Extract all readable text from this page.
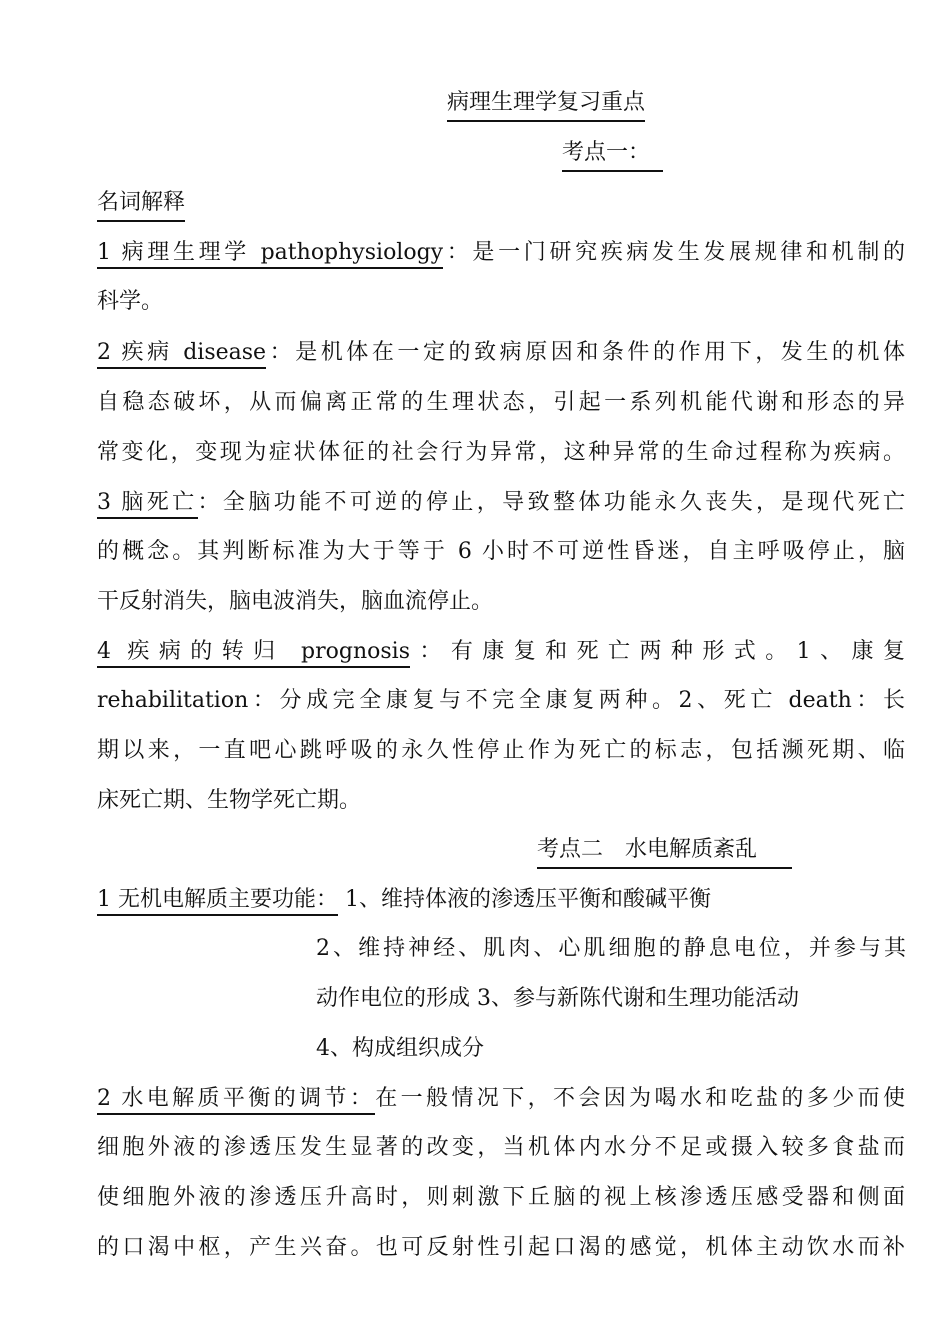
病理生理学复习重点
考点一：
名词解释
1 病理生理学 pathophysiology：是一门研究疾病发生发展规律和机制的
科学。
2 疾病 disease：是机体在一定的致病原因和条件的作用下，发生的机体
自稳态破坏，从而偏离正常的生理状态，引起一系列机能代谢和形态的异
常变化，变现为症状体征的社会行为异常，这种异常的生命过程称为疾病。
3 脑死亡：全脑功能不可逆的停止，导致整体功能永久丧失，是现代死亡
的概念。其判断标准为大于等于 6 小时不可逆性昏迷，自主呼吸停止，脑
干反射消失，脑电波消失，脑血流停止。
4 疾病的转归 prognosis：有康复和死亡两种形式。1、康复
rehabilitation：分成完全康复与不完全康复两种。2、死亡 death：长
期以来，一直吧心跳呼吸的永久性停止作为死亡的标志，包括濒死期、临
床死亡期、生物学死亡期。
考点二　水电解质紊乱
1 无机电解质主要功能： 1、维持体液的渗透压平衡和酸碱平衡
2、维持神经、肌肉、心肌细胞的静息电位，并参与其
动作电位的形成 3、参与新陈代谢和生理功能活动
4、构成组织成分
2 水电解质平衡的调节：在一般情况下，不会因为喝水和吃盐的多少而使
细胞外液的渗透压发生显著的改变，当机体内水分不足或摄入较多食盐而
使细胞外液的渗透压升高时，则刺激下丘脑的视上核渗透压感受器和侧面
的口渴中枢，产生兴奋。也可反射性引起口渴的感觉，机体主动饮水而补
